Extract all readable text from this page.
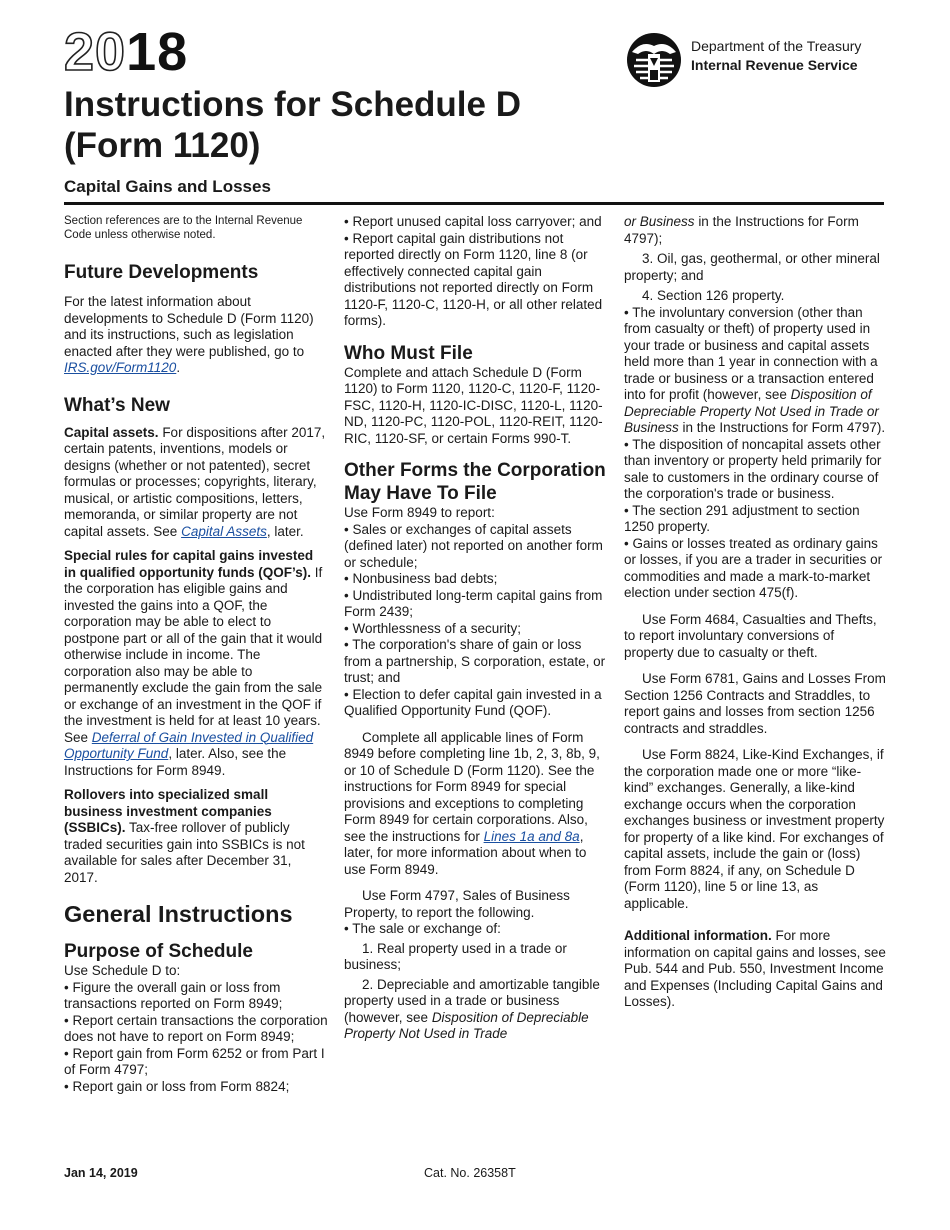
2018
Instructions for Schedule D
(Form 1120)
Capital Gains and Losses
Department of the Treasury
Internal Revenue Service

Section references are to the Internal Revenue Code unless otherwise noted.

Future Developments

For the latest information about developments to Schedule D (Form 1120) and its instructions, such as legislation enacted after they were published, go to IRS.gov/Form1120.

What’s New

Capital assets. For dispositions after 2017, certain patents, inventions, models or designs (whether or not patented), secret formulas or processes; copyrights, literary, musical, or artistic compositions, letters, memoranda, or similar property are not capital assets. See Capital Assets, later.

Special rules for capital gains invested in qualified opportunity funds (QOF’s). If the corporation has eligible gains and invested the gains into a QOF, the corporation may be able to elect to postpone part or all of the gain that it would otherwise include in income. The corporation also may be able to permanently exclude the gain from the sale or exchange of an investment in the QOF if the investment is held for at least 10 years. See Deferral of Gain Invested in Qualified Opportunity Fund, later. Also, see the Instructions for Form 8949.

Rollovers into specialized small business investment companies (SSBICs). Tax-free rollover of publicly traded securities gain into SSBICs is not available for sales after December 31, 2017.

General Instructions
Purpose of Schedule

Use Schedule D to:

• Figure the overall gain or loss from transactions reported on Form 8949;

• Report certain transactions the corporation does not have to report on Form 8949;

• Report gain from Form 6252 or from Part I of Form 4797;

• Report gain or loss from Form 8824;

• Report unused capital loss carryover; and

• Report capital gain distributions not reported directly on Form 1120, line 8 (or effectively connected capital gain distributions not reported directly on Form 1120-F, 1120-C, 1120-H, or all other related forms).

Who Must File

Complete and attach Schedule D (Form 1120) to Form 1120, 1120-C, 1120-F, 1120-FSC, 1120-H, 1120-IC-DISC, 1120-L, 1120-ND, 1120-PC, 1120-POL, 1120-REIT, 1120-RIC, 1120-SF, or certain Forms 990-T.

Other Forms the Corporation May Have To File

Use Form 8949 to report:

• Sales or exchanges of capital assets (defined later) not reported on another form or schedule;

• Nonbusiness bad debts;

• Undistributed long-term capital gains from Form 2439;

• Worthlessness of a security;

• The corporation's share of gain or loss from a partnership, S corporation, estate, or trust; and

• Election to defer capital gain invested in a Qualified Opportunity Fund (QOF).

Complete all applicable lines of Form 8949 before completing line 1b, 2, 3, 8b, 9, or 10 of Schedule D (Form 1120). See the instructions for Form 8949 for special provisions and exceptions to completing Form 8949 for certain corporations. Also, see the instructions for Lines 1a and 8a, later, for more information about when to use Form 8949.

Use Form 4797, Sales of Business Property, to report the following.

• The sale or exchange of:

1. Real property used in a trade or business;

2. Depreciable and amortizable tangible property used in a trade or business (however, see Disposition of Depreciable Property Not Used in Trade

or Business in the Instructions for Form 4797);

3. Oil, gas, geothermal, or other mineral property; and

4. Section 126 property.

• The involuntary conversion (other than from casualty or theft) of property used in your trade or business and capital assets held more than 1 year in connection with a trade or business or a transaction entered into for profit (however, see Disposition of Depreciable Property Not Used in Trade or Business in the Instructions for Form 4797).

• The disposition of noncapital assets other than inventory or property held primarily for sale to customers in the ordinary course of the corporation's trade or business.

• The section 291 adjustment to section 1250 property.

• Gains or losses treated as ordinary gains or losses, if you are a trader in securities or commodities and made a mark-to-market election under section 475(f).

Use Form 4684, Casualties and Thefts, to report involuntary conversions of property due to casualty or theft.

Use Form 6781, Gains and Losses From Section 1256 Contracts and Straddles, to report gains and losses from section 1256 contracts and straddles.

Use Form 8824, Like-Kind Exchanges, if the corporation made one or more “like-kind” exchanges. Generally, a like-kind exchange occurs when the corporation exchanges business or investment property for property of a like kind. For exchanges of capital assets, include the gain or (loss) from Form 8824, if any, on Schedule D (Form 1120), line 5 or line 13, as applicable.

Additional information. For more information on capital gains and losses, see Pub. 544 and Pub. 550, Investment Income and Expenses (Including Capital Gains and Losses).

Jan 14, 2019	Cat. No. 26358T
